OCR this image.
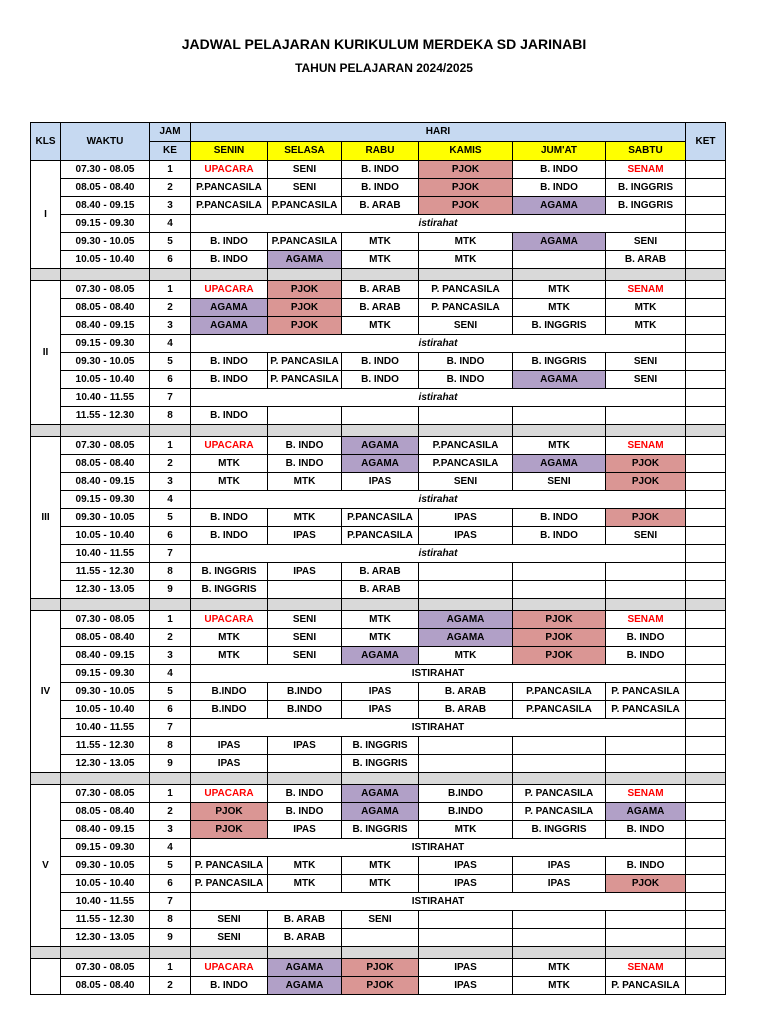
JADWAL PELAJARAN KURIKULUM MERDEKA SD JARINABI
TAHUN PELAJARAN 2024/2025
KLS	WAKTU	JAM	HARI						KET
		KE	SENIN	SELASA	RABU	KAMIS	JUM'AT	SABTU	
I	07.30 - 08.05	1	UPACARA	SENI	B. INDO	PJOK	B. INDO	SENAM	
	08.05 - 08.40	2	P.PANCASILA	SENI	B. INDO	PJOK	B. INDO	B. INGGRIS	
	08.40 - 09.15	3	P.PANCASILA	P.PANCASILA	B. ARAB	PJOK	AGAMA	B. INGGRIS	
	09.15 - 09.30	4	istirahat						
	09.30 - 10.05	5	B. INDO	P.PANCASILA	MTK	MTK	AGAMA	SENI	
	10.05 - 10.40	6	B. INDO	AGAMA	MTK	MTK		B. ARAB	

II	07.30 - 08.05	1	UPACARA	PJOK	B. ARAB	P. PANCASILA	MTK	SENAM	
	08.05 - 08.40	2	AGAMA	PJOK	B. ARAB	P. PANCASILA	MTK	MTK	
	08.40 - 09.15	3	AGAMA	PJOK	MTK	SENI	B. INGGRIS	MTK	
	09.15 - 09.30	4	istirahat						
	09.30 - 10.05	5	B. INDO	P. PANCASILA	B. INDO	B. INDO	B. INGGRIS	SENI	
	10.05 - 10.40	6	B. INDO	P. PANCASILA	B. INDO	B. INDO	AGAMA	SENI	
	10.40 - 11.55	7	istirahat						
	11.55 - 12.30	8	B. INDO						

III	07.30 - 08.05	1	UPACARA	B. INDO	AGAMA	P.PANCASILA	MTK	SENAM	
	08.05 - 08.40	2	MTK	B. INDO	AGAMA	P.PANCASILA	AGAMA	PJOK	
	08.40 - 09.15	3	MTK	MTK	IPAS	SENI	SENI	PJOK	
	09.15 - 09.30	4	istirahat						
	09.30 - 10.05	5	B. INDO	MTK	P.PANCASILA	IPAS	B. INDO	PJOK	
	10.05 - 10.40	6	B. INDO	IPAS	P.PANCASILA	IPAS	B. INDO	SENI	
	10.40 - 11.55	7	istirahat						
	11.55 - 12.30	8	B. INGGRIS	IPAS	B. ARAB				
	12.30 - 13.05	9	B. INGGRIS		B. ARAB				

IV	07.30 - 08.05	1	UPACARA	SENI	MTK	AGAMA	PJOK	SENAM	
	08.05 - 08.40	2	MTK	SENI	MTK	AGAMA	PJOK	B. INDO	
	08.40 - 09.15	3	MTK	SENI	AGAMA	MTK	PJOK	B. INDO	
	09.15 - 09.30	4	ISTIRAHAT						
	09.30 - 10.05	5	B.INDO	B.INDO	IPAS	B. ARAB	P.PANCASILA	P. PANCASILA	
	10.05 - 10.40	6	B.INDO	B.INDO	IPAS	B. ARAB	P.PANCASILA	P. PANCASILA	
	10.40 - 11.55	7	ISTIRAHAT						
	11.55 - 12.30	8	IPAS	IPAS	B. INGGRIS				
	12.30 - 13.05	9	IPAS		B. INGGRIS				

V	07.30 - 08.05	1	UPACARA	B. INDO	AGAMA	B.INDO	P. PANCASILA	SENAM	
	08.05 - 08.40	2	PJOK	B. INDO	AGAMA	B.INDO	P. PANCASILA	AGAMA	
	08.40 - 09.15	3	PJOK	IPAS	B. INGGRIS	MTK	B. INGGRIS	B. INDO	
	09.15 - 09.30	4	ISTIRAHAT						
	09.30 - 10.05	5	P. PANCASILA	MTK	MTK	IPAS	IPAS	B. INDO	
	10.05 - 10.40	6	P. PANCASILA	MTK	MTK	IPAS	IPAS	PJOK	
	10.40 - 11.55	7	ISTIRAHAT						
	11.55 - 12.30	8	SENI	B. ARAB	SENI				
	12.30 - 13.05	9	SENI	B. ARAB					

	07.30 - 08.05	1	UPACARA	AGAMA	PJOK	IPAS	MTK	SENAM	
	08.05 - 08.40	2	B. INDO	AGAMA	PJOK	IPAS	MTK	P. PANCASILA	
